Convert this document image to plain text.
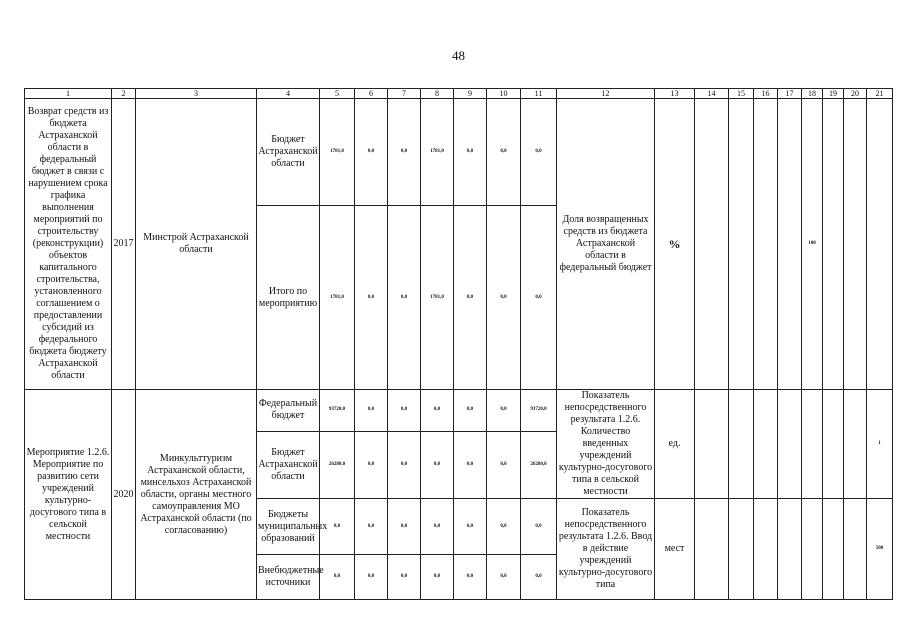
48
1	2	3	4	5	6	7	8	9	10	11	12	13	14	15	16	17	18	19	20	21
Возврат средств из бюджета Астраханской области в федеральный бюджет в связи с нарушением срока графика выполнения мероприятий по строительству (реконструкции) объектов капитального строительства, установленного соглашением о предоставлении субсидий из федерального бюджета бюджету Астраханской области	2017	Минстрой Астраханской области	Бюджет Астраханской области	1781,0	0,0	0,0	1781,0	0,0	0,0	0,0	Доля возвращенных средств из бюджета Астраханской области в федеральный бюджет	%					100			
			Итого по мероприятию	1781,0	0,0	0,0	1781,0	0,0	0,0	0,0										
Мероприятие 1.2.6. Мероприятие по развитию сети учреждений культурно-досугового типа в сельской местности	2020	Минкульттуризм Астраханской области, минсельхоз Астраханской области, органы местного самоуправления МО Астраханской области (по согласованию)	Федеральный бюджет	93720,0	0,0	0,0	0,0	0,0	0,0	93720,0	Показатель непосредственного результата 1.2.6. Количество введенных учреждений культурно-досугового типа в сельской местности	ед.								1
			Бюджет Астраханской области	26280,0	0,0	0,0	0,0	0,0	0,0	26280,0										
			Бюджеты муниципальных образований	0,0	0,0	0,0	0,0	0,0	0,0	0,0	Показатель непосредственного результата 1.2.6. Ввод в действие учреждений культурно-досугового типа	мест								500
			Внебюджетные источники	0,0	0,0	0,0	0,0	0,0	0,0	0,0										
